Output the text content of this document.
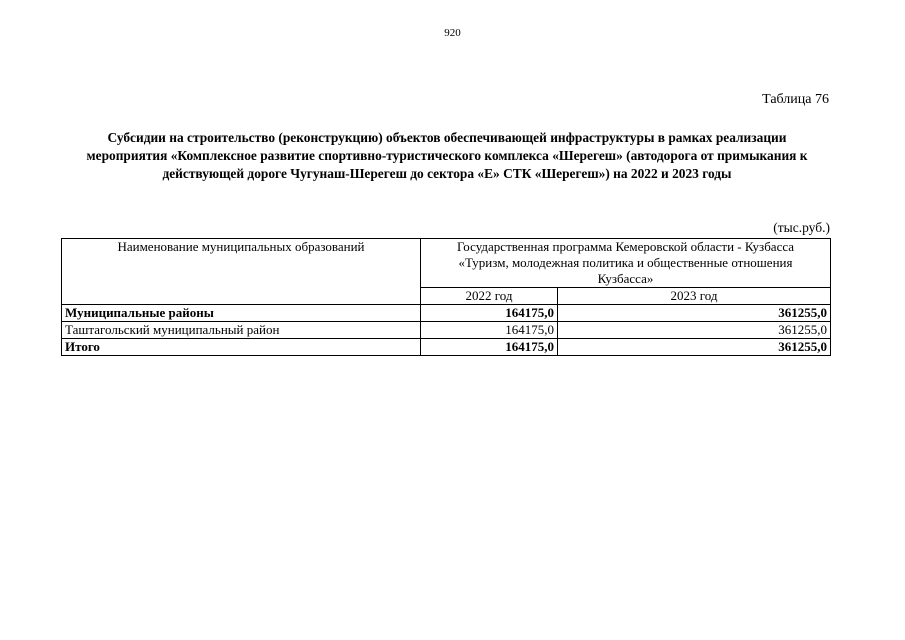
920
Таблица 76
Субсидии на строительство (реконструкцию) объектов обеспечивающей инфраструктуры в рамках реализации
мероприятия «Комплексное развитие спортивно-туристического комплекса «Шерегеш» (автодорога от примыкания к
действующей дороге Чугунаш-Шерегеш до сектора «Е» СТК «Шерегеш») на 2022 и 2023 годы
(тыс.руб.)
Наименование муниципальных образований	Государственная программа Кемеровской области - Кузбасса
«Туризм, молодежная политика и общественные отношения
Кузбасса»	

	2022 год	2023 год
Муниципальные районы	164175,0	361255,0
Таштагольский муниципальный район	164175,0	361255,0
Итого	164175,0	361255,0
